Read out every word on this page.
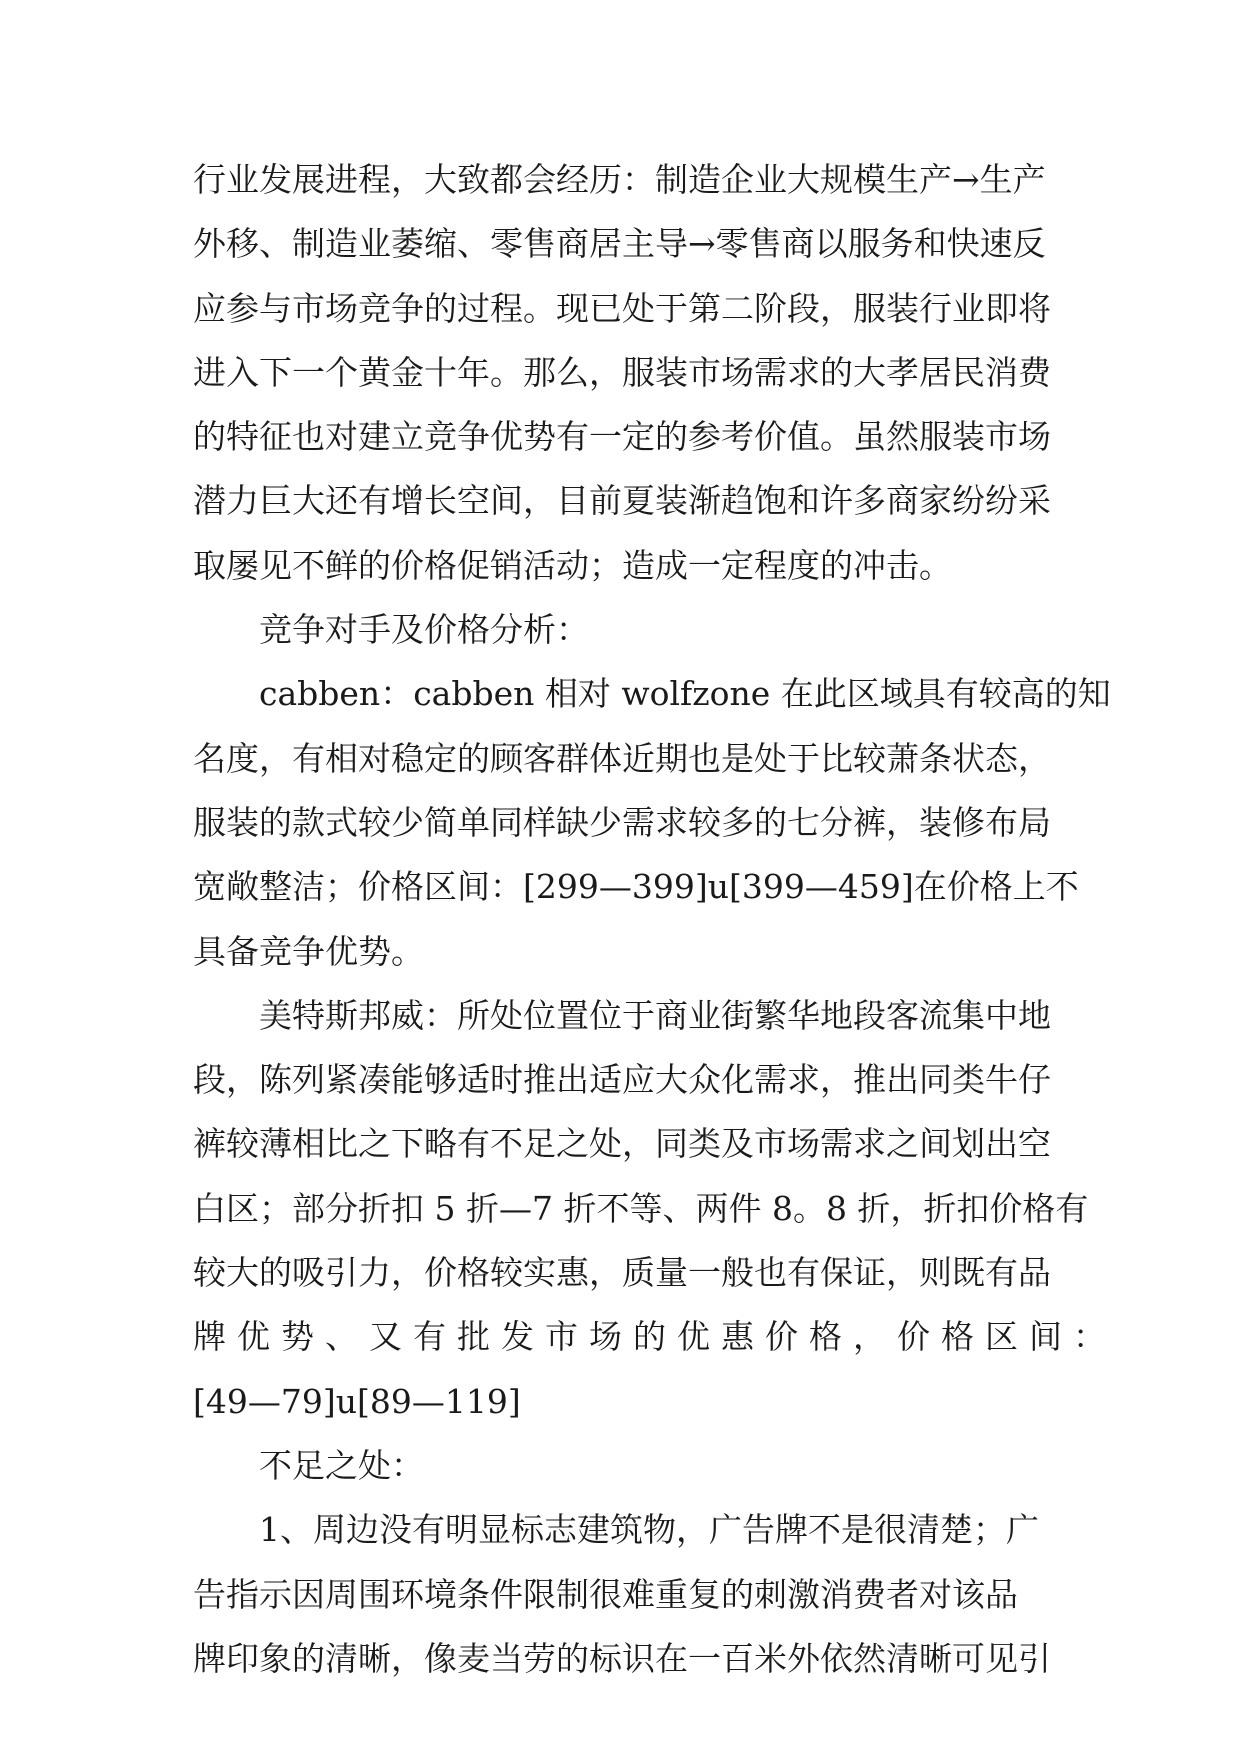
行业发展进程，大致都会经历：制造企业大规模生产→生产
外移、制造业萎缩、零售商居主导→零售商以服务和快速反
应参与市场竞争的过程。现已处于第二阶段，服装行业即将
进入下一个黄金十年。那么，服装市场需求的大孝居民消费
的特征也对建立竞争优势有一定的参考价值。虽然服装市场
潜力巨大还有增长空间，目前夏装渐趋饱和许多商家纷纷采
取屡见不鲜的价格促销活动；造成一定程度的冲击。
竞争对手及价格分析：
cabben：cabben 相对 wolfzone 在此区域具有较高的知
名度，有相对稳定的顾客群体近期也是处于比较萧条状态，
服装的款式较少简单同样缺少需求较多的七分裤，装修布局
宽敞整洁；价格区间：[299—399]u[399—459]在价格上不
具备竞争优势。
美特斯邦威：所处位置位于商业街繁华地段客流集中地
段，陈列紧凑能够适时推出适应大众化需求，推出同类牛仔
裤较薄相比之下略有不足之处，同类及市场需求之间划出空
白区；部分折扣 5 折—7 折不等、两件 8。8 折，折扣价格有
较大的吸引力，价格较实惠，质量一般也有保证，则既有品
牌优势、又有批发市场的优惠价格，价格区间：
[49—79]u[89—119]
不足之处：
1、周边没有明显标志建筑物，广告牌不是很清楚；广
告指示因周围环境条件限制很难重复的刺激消费者对该品
牌印象的清晰，像麦当劳的标识在一百米外依然清晰可见引
